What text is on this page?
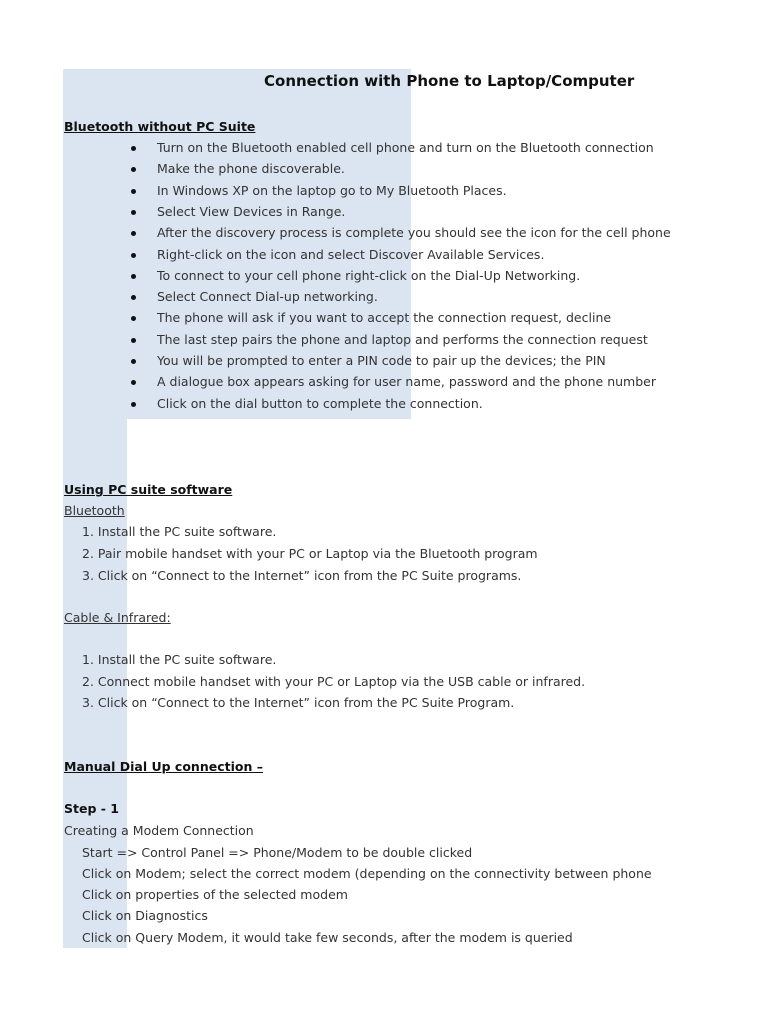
Connection with Phone to Laptop/Computer
Bluetooth without PC Suite
Turn on the Bluetooth enabled cell phone and turn on the Bluetooth connection
Make the phone discoverable.
In Windows XP on the laptop go to My Bluetooth Places.
Select View Devices in Range.
After the discovery process is complete you should see the icon for the cell phone
Right-click on the icon and select Discover Available Services.
To connect to your cell phone right-click on the Dial-Up Networking.
Select Connect Dial-up networking.
The phone will ask if you want to accept the connection request, decline
The last step pairs the phone and laptop and performs the connection request
You will be prompted to enter a PIN code to pair up the devices; the PIN
A dialogue box appears asking for user name, password and the phone number
Click on the dial button to complete the connection.
Using PC suite software
Bluetooth
1. Install the PC suite software.
2. Pair mobile handset with your PC or Laptop via the Bluetooth program
3. Click on “Connect to the Internet” icon from the PC Suite programs.
Cable & Infrared:
1. Install the PC suite software.
2. Connect mobile handset with your PC or Laptop via the USB cable or infrared.
3. Click on “Connect to the Internet” icon from the PC Suite Program.
Manual Dial Up connection –
Step - 1
Creating a Modem Connection
Start => Control Panel => Phone/Modem to be double clicked
Click on Modem; select the correct modem (depending on the connectivity between phone
Click on properties of the selected modem
Click on Diagnostics
Click on Query Modem, it would take few seconds, after the modem is queried
